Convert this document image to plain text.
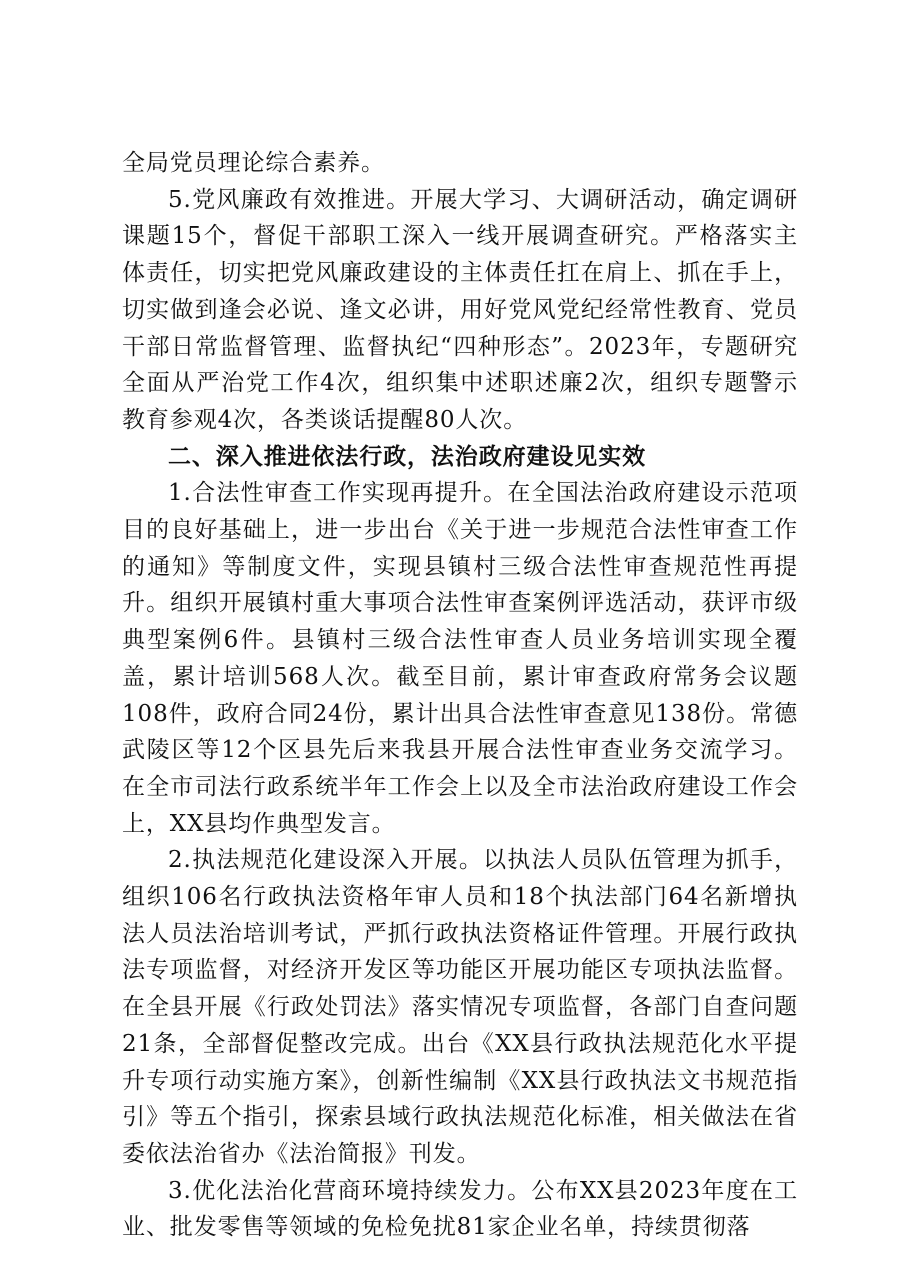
全局党员理论综合素养。

5.党风廉政有效推进。开展大学习、大调研活动，确定调研课题15个，督促干部职工深入一线开展调查研究。严格落实主体责任，切实把党风廉政建设的主体责任扛在肩上、抓在手上，切实做到逢会必说、逢文必讲，用好党风党纪经常性教育、党员干部日常监督管理、监督执纪“四种形态”。2023年，专题研究全面从严治党工作4次，组织集中述职述廉2次，组织专题警示教育参观4次，各类谈话提醒80人次。

二、深入推进依法行政，法治政府建设见实效

1.合法性审查工作实现再提升。在全国法治政府建设示范项目的良好基础上，进一步出台《关于进一步规范合法性审查工作的通知》等制度文件，实现县镇村三级合法性审查规范性再提升。组织开展镇村重大事项合法性审查案例评选活动，获评市级典型案例6件。县镇村三级合法性审查人员业务培训实现全覆盖，累计培训568人次。截至目前，累计审查政府常务会议题108件，政府合同24份，累计出具合法性审查意见138份。常德武陵区等12个区县先后来我县开展合法性审查业务交流学习。在全市司法行政系统半年工作会上以及全市法治政府建设工作会上，XX县均作典型发言。

2.执法规范化建设深入开展。以执法人员队伍管理为抓手，组织106名行政执法资格年审人员和18个执法部门64名新增执法人员法治培训考试，严抓行政执法资格证件管理。开展行政执法专项监督，对经济开发区等功能区开展功能区专项执法监督。在全县开展《行政处罚法》落实情况专项监督，各部门自查问题21条，全部督促整改完成。出台《XX县行政执法规范化水平提升专项行动实施方案》，创新性编制《XX县行政执法文书规范指引》等五个指引，探索县域行政执法规范化标准，相关做法在省委依法治省办《法治简报》刊发。

3.优化法治化营商环境持续发力。公布XX县2023年度在工业、批发零售等领域的免检免扰81家企业名单，持续贯彻落
